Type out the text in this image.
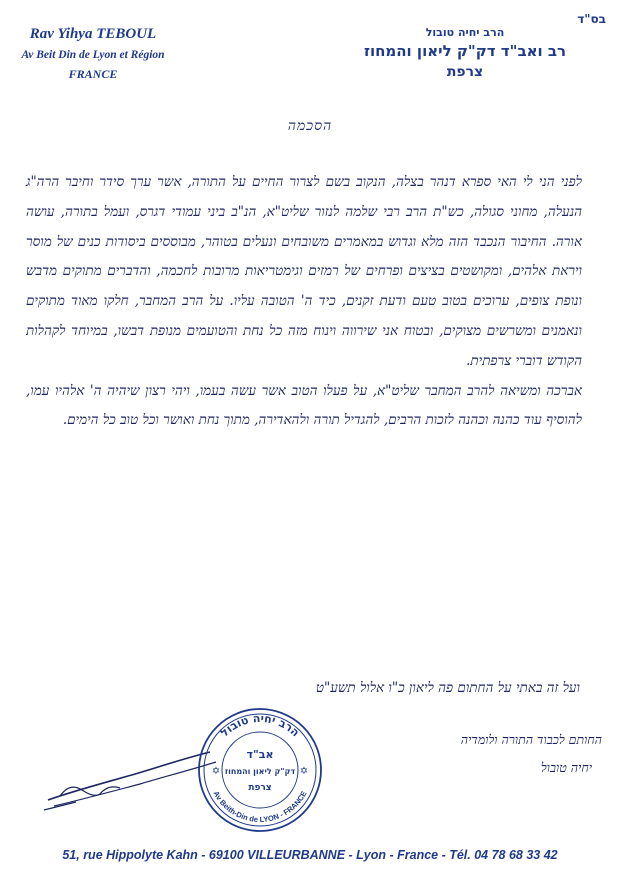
Rav Yihya TEBOUL
Av Beit Din de Lyon et Région
FRANCE
בס"ד
הרב יחיה טובול
רב ואב"ד דק"ק ליאון והמחוז
צרפת
הסכמה

לפני הני לי האי ספרא דנהר בצלה, הנקוב בשם לצרור החיים על התורה, אשר ערך סידר וחיבר הרה"ג הנעלה, מחוני סגולה, כש"ת הרב רבי שלמה לנזור שליט"א, הנ"ב ביני עמודי דגרס, ועמל בתורה, עושה אורה. החיבור הנכבד הזה מלא וגדוש במאמרים משובחים ונעלים בטוהר, מבוססים ביסודות כנים של מוסר ויראת אלהים, ומקושטים בציצים ופרחים של רמזים וגימטריאות מרובות לחכמה, והדברים מתוקים מדבש ונופת צופים, ערוכים בטוב טעם ודעת זקנים, כיד ה' הטובה עליו. על הרב המחבר, חלקו מאוד מתוקים ונאמנים ומשרשים מצוקים, ובטוח אני שירווה וינוח מזה כל נחת והטועמים מנופת דבשו, במיוחד לקהלות הקודש דוברי צרפתית.

אברכה ומשיאה להרב המחבר שליט"א, על פעלו הטוב אשר עשה בעמו, ויהי רצון שיהיה ה' אלהיו עמו, להוסיף עוד כהנה וכהנה לזכות הרבים, להגדיל תורה ולהאדירה, מתוך נחת ואושר וכל טוב כל הימים.

ועל זה באתי על החתום פה ליאון כ"ו אלול תשע"ט
החותם לכבוד התורה ולומדיה
יחיה טובול
הרב יחיה טובול
Av Beith-Din de LYON - FRANCE
אב"ד
דק"ק ליאון והמחוז
צרפת
✡	✡
51, rue Hippolyte Kahn - 69100 VILLEURBANNE - Lyon - France - Tél. 04 78 68 33 42
